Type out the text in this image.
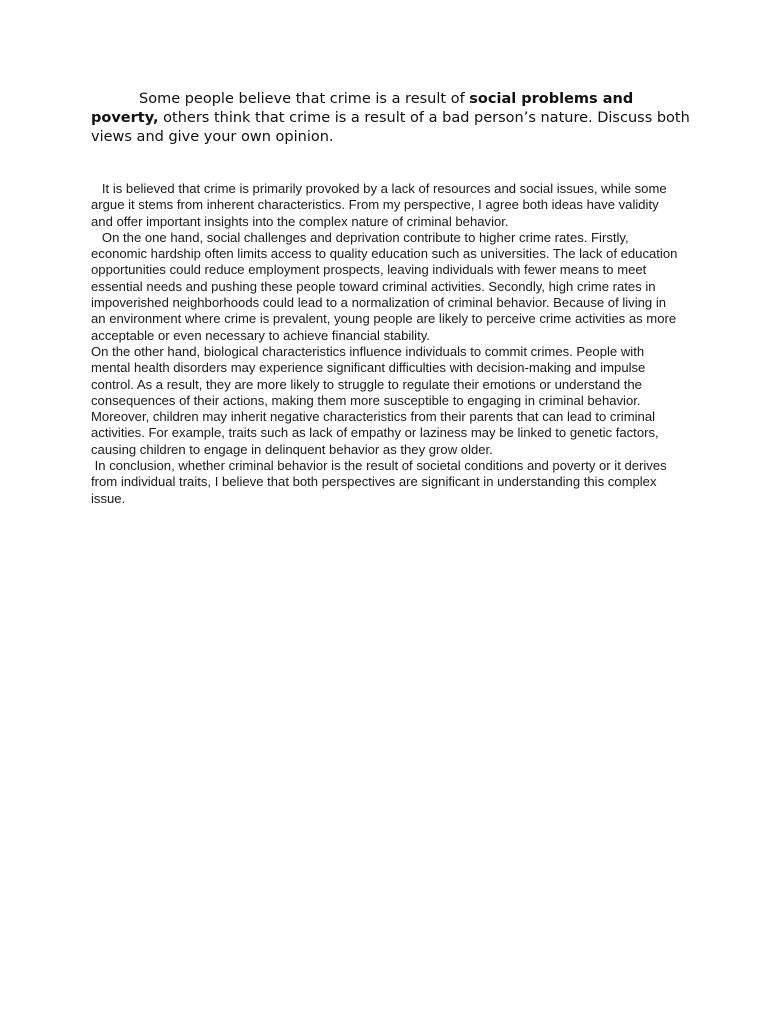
Some people believe that crime is a result of social problems and poverty, others think that crime is a result of a bad person’s nature. Discuss both views and give your own opinion.

It is believed that crime is primarily provoked by a lack of resources and social issues, while some argue it stems from inherent characteristics. From my perspective, I agree both ideas have validity and offer important insights into the complex nature of criminal behavior.

On the one hand, social challenges and deprivation contribute to higher crime rates. Firstly, economic hardship often limits access to quality education such as universities. The lack of education opportunities could reduce employment prospects, leaving individuals with fewer means to meet essential needs and pushing these people toward criminal activities. Secondly, high crime rates in impoverished neighborhoods could lead to a normalization of criminal behavior. Because of living in an environment where crime is prevalent, young people are likely to perceive crime activities as more acceptable or even necessary to achieve financial stability.

On the other hand, biological characteristics influence individuals to commit crimes. People with mental health disorders may experience significant difficulties with decision-making and impulse control. As a result, they are more likely to struggle to regulate their emotions or understand the consequences of their actions, making them more susceptible to engaging in criminal behavior. Moreover, children may inherit negative characteristics from their parents that can lead to criminal activities. For example, traits such as lack of empathy or laziness may be linked to genetic factors, causing children to engage in delinquent behavior as they grow older.

In conclusion, whether criminal behavior is the result of societal conditions and poverty or it derives from individual traits, I believe that both perspectives are significant in understanding this complex issue.
